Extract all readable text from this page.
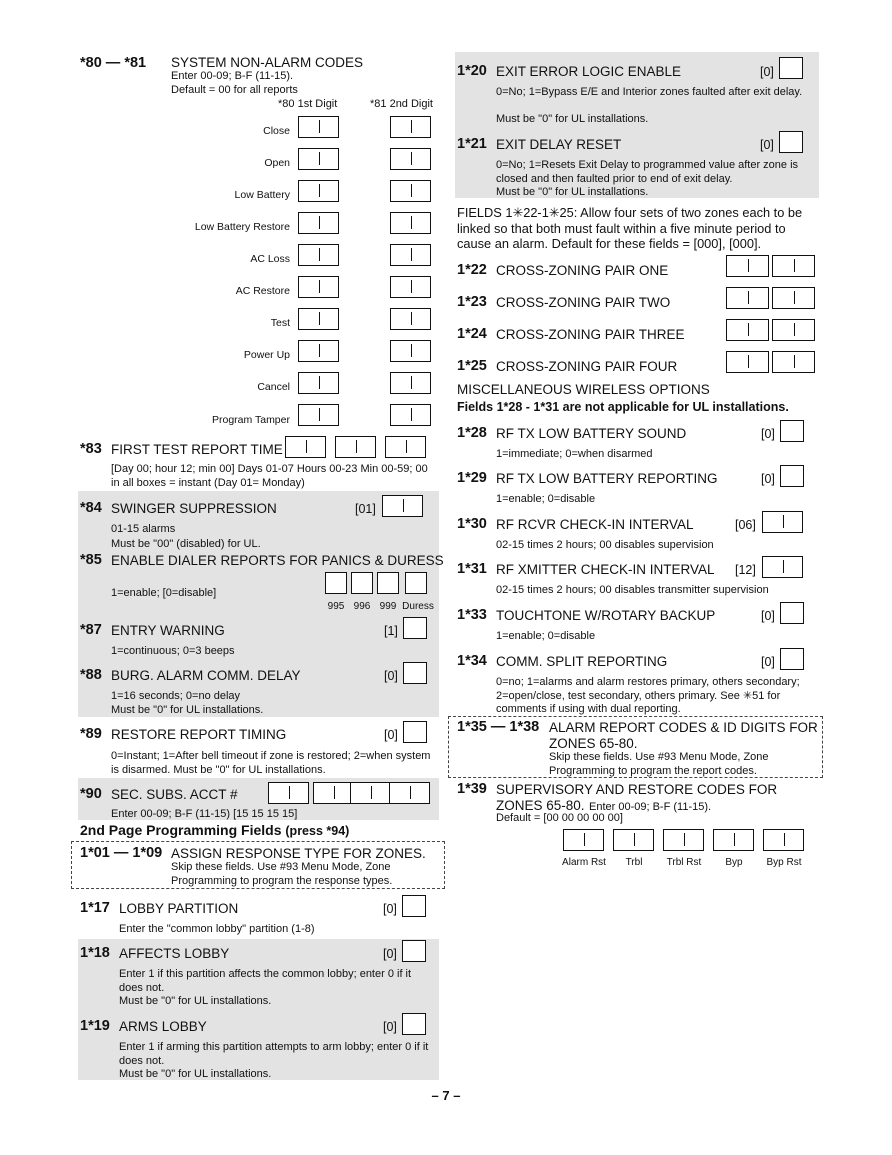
*80 — *81 SYSTEM NON-ALARM CODES
Enter 00-09; B-F (11-15).
Default = 00 for all reports
*80 1st Digit	*81 2nd Digit
Close
Open
Low Battery
Low Battery Restore
AC Loss
AC Restore
Test
Power Up
Cancel
Program Tamper
*83 FIRST TEST REPORT TIME
[Day 00; hour 12; min 00] Days 01-07 Hours 00-23 Min 00-59; 00 in all boxes = instant (Day 01= Monday)
*84 SWINGER SUPPRESSION	[01]
01-15 alarms
Must be "00" (disabled) for UL.
*85 ENABLE DIALER REPORTS FOR PANICS & DURESS
1=enable; [0=disable]
995 996 999 Duress
*87 ENTRY WARNING	[1]
1=continuous; 0=3 beeps
*88 BURG. ALARM COMM. DELAY	[0]
1=16 seconds; 0=no delay
Must be "0" for UL installations.
*89 RESTORE REPORT TIMING	[0]
0=Instant; 1=After bell timeout if zone is restored; 2=when system is disarmed. Must be "0" for UL installations.
*90 SEC. SUBS. ACCT #
Enter 00-09; B-F (11-15) [15 15 15 15]
2nd Page Programming Fields (press *94)
1*01 — 1*09 ASSIGN RESPONSE TYPE FOR ZONES.
Skip these fields. Use #93 Menu Mode, Zone
Programming to program the response types.
1*17 LOBBY PARTITION	[0]
Enter the "common lobby" partition (1-8)
1*18 AFFECTS LOBBY	[0]
Enter 1 if this partition affects the common lobby; enter 0 if it does not.
Must be "0" for UL installations.
1*19 ARMS LOBBY	[0]
Enter 1 if arming this partition attempts to arm lobby; enter 0 if it does not.
Must be "0" for UL installations.
1*20 EXIT ERROR LOGIC ENABLE	[0]
0=No; 1=Bypass E/E and Interior zones faulted after exit delay.
Must be "0" for UL installations.
1*21 EXIT DELAY RESET	[0]
0=No; 1=Resets Exit Delay to programmed value after zone is closed and then faulted prior to end of exit delay.
Must be "0" for UL installations.
FIELDS 1✳22-1✳25: Allow four sets of two zones each to be linked so that both must fault within a five minute period to cause an alarm. Default for these fields = [000], [000].
1*22 CROSS-ZONING PAIR ONE
1*23 CROSS-ZONING PAIR TWO
1*24 CROSS-ZONING PAIR THREE
1*25 CROSS-ZONING PAIR FOUR
MISCELLANEOUS WIRELESS OPTIONS
Fields 1*28 - 1*31 are not applicable for UL installations.
1*28 RF TX LOW BATTERY SOUND	[0]
1=immediate; 0=when disarmed
1*29 RF TX LOW BATTERY REPORTING	[0]
1=enable; 0=disable
1*30 RF RCVR CHECK-IN INTERVAL	[06]
02-15 times 2 hours; 00 disables supervision
1*31 RF XMITTER CHECK-IN INTERVAL [12]
02-15 times 2 hours; 00 disables transmitter supervision
1*33 TOUCHTONE W/ROTARY BACKUP	[0]
1=enable; 0=disable
1*34 COMM. SPLIT REPORTING	[0]
0=no; 1=alarms and alarm restores primary, others secondary; 2=open/close, test secondary, others primary. See ✳51 for comments if using with dual reporting.
1*35 — 1*38 ALARM REPORT CODES & ID DIGITS FOR
ZONES 65-80.
Skip these fields. Use #93 Menu Mode, Zone
Programming to program the report codes.
1*39 SUPERVISORY AND RESTORE CODES FOR
ZONES 65-80. Enter 00-09; B-F (11-15).
Default = [00 00 00 00 00]
Alarm Rst	Trbl	Trbl Rst	Byp	Byp Rst
– 7 –
